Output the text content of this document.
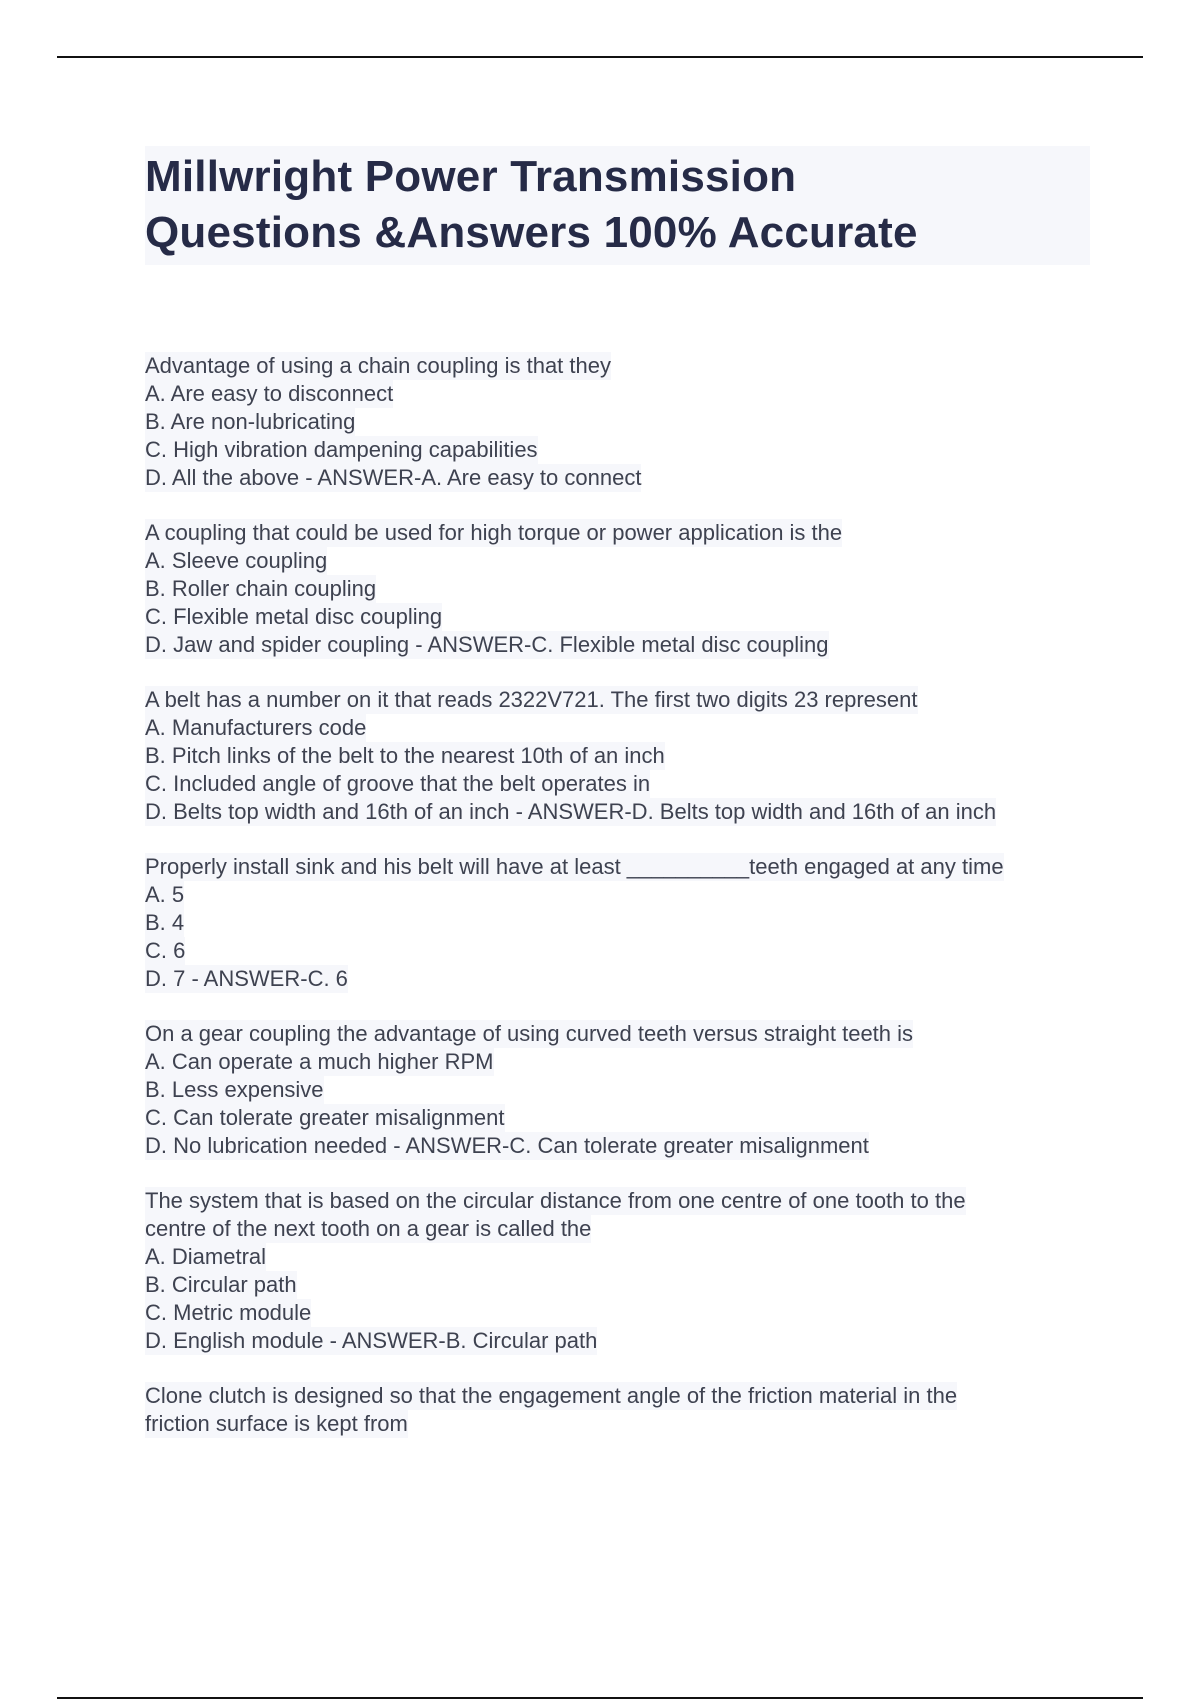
Millwright Power Transmission
Questions &Answers 100% Accurate
Advantage of using a chain coupling is that they
A. Are easy to disconnect
B. Are non-lubricating
C. High vibration dampening capabilities
D. All the above - ANSWER-A. Are easy to connect
A coupling that could be used for high torque or power application is the
A. Sleeve coupling
B. Roller chain coupling
C. Flexible metal disc coupling
D. Jaw and spider coupling - ANSWER-C. Flexible metal disc coupling
A belt has a number on it that reads 2322V721. The first two digits 23 represent
A. Manufacturers code
B. Pitch links of the belt to the nearest 10th of an inch
C. Included angle of groove that the belt operates in
D. Belts top width and 16th of an inch - ANSWER-D. Belts top width and 16th of an inch
Properly install sink and his belt will have at least __________teeth engaged at any time
A. 5
B. 4
C. 6
D. 7 - ANSWER-C. 6
On a gear coupling the advantage of using curved teeth versus straight teeth is
A. Can operate a much higher RPM
B. Less expensive
C. Can tolerate greater misalignment
D. No lubrication needed - ANSWER-C. Can tolerate greater misalignment
The system that is based on the circular distance from one centre of one tooth to the
centre of the next tooth on a gear is called the
A. Diametral
B. Circular path
C. Metric module
D. English module - ANSWER-B. Circular path
Clone clutch is designed so that the engagement angle of the friction material in the
friction surface is kept from
